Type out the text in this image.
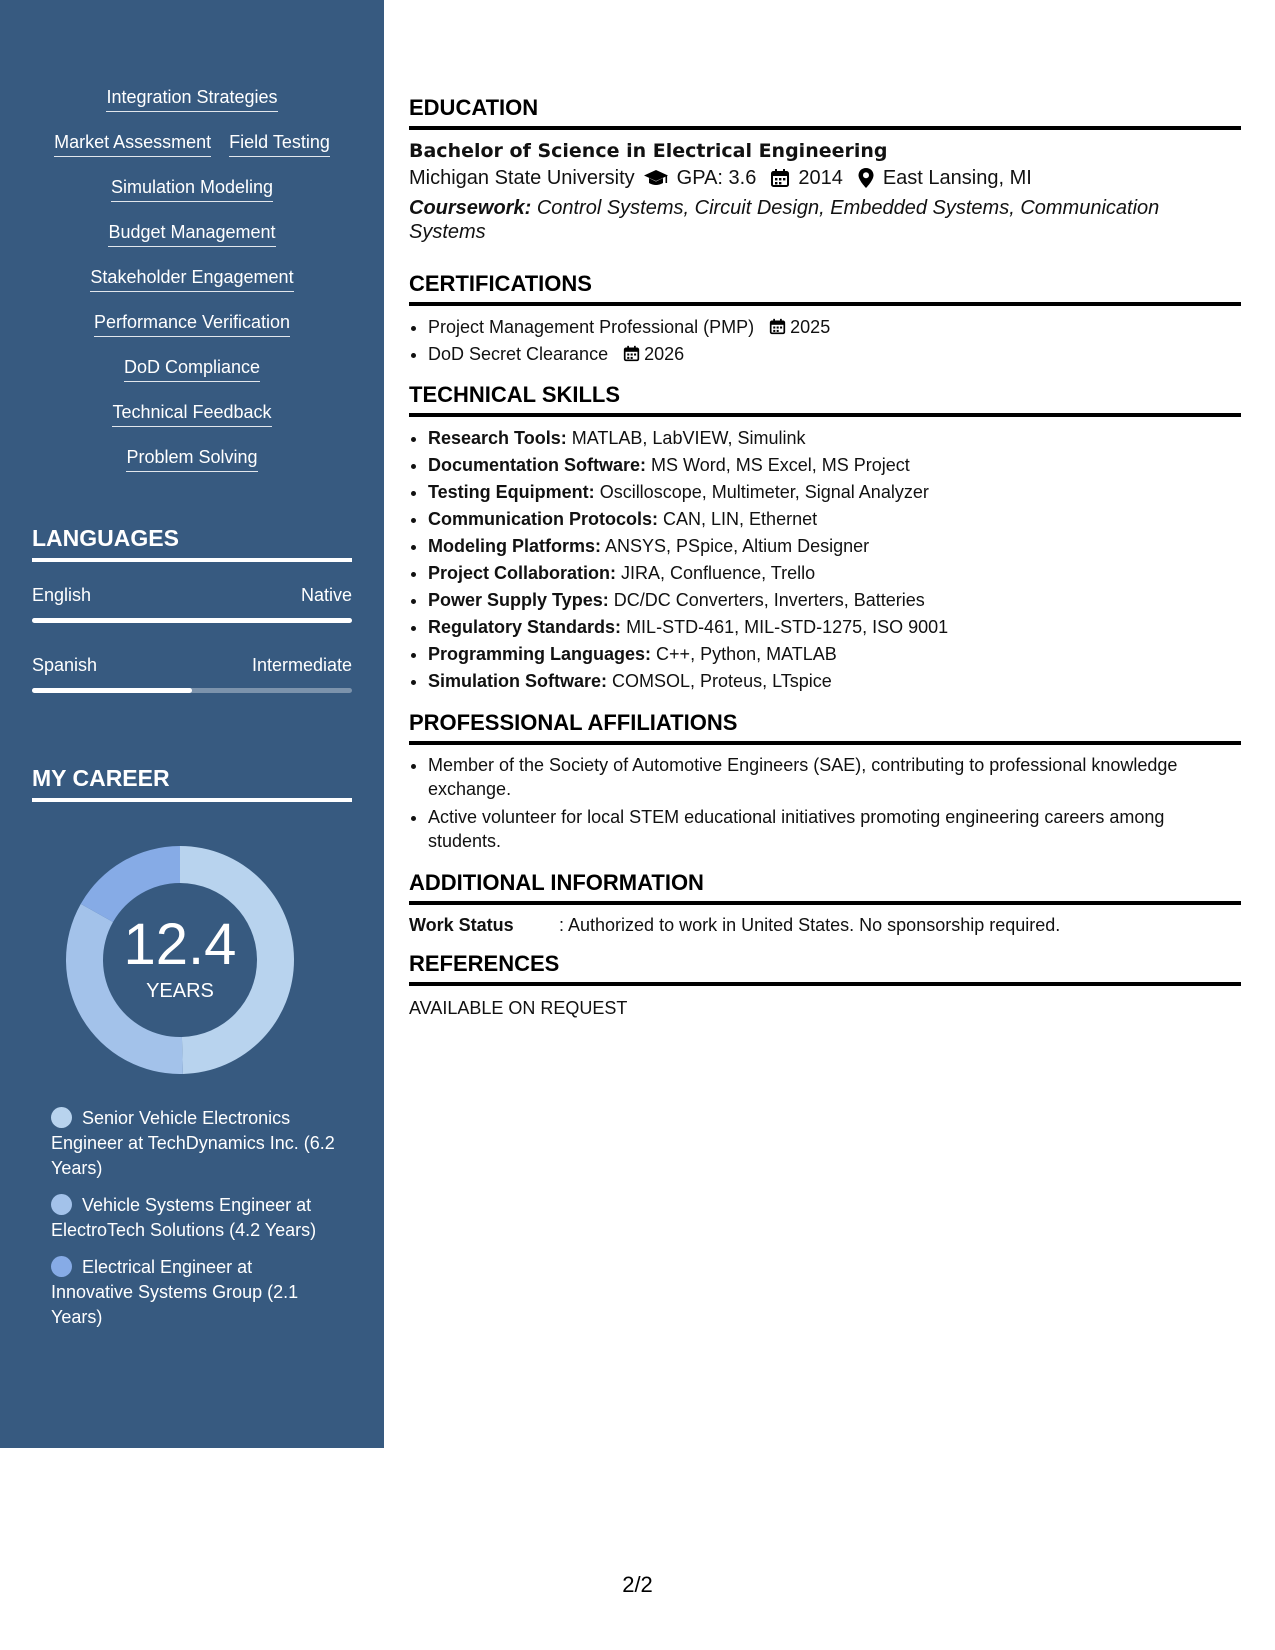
Integration Strategies
Market Assessment Field Testing
Simulation Modeling
Budget Management
Stakeholder Engagement
Performance Verification
DoD Compliance
Technical Feedback
Problem Solving
LANGUAGES
English	Native
Spanish	Intermediate
MY CAREER
12.4
YEARS
Senior Vehicle Electronics Engineer at TechDynamics Inc. (6.2 Years)
Vehicle Systems Engineer at ElectroTech Solutions (4.2 Years)
Electrical Engineer at Innovative Systems Group (2.1 Years)
EDUCATION
Bachelor of Science in Electrical Engineering
Michigan State University GPA: 3.6 2014 East Lansing, MI
Coursework: Control Systems, Circuit Design, Embedded Systems, Communication Systems
CERTIFICATIONS
• Project Management Professional (PMP) 2025
• DoD Secret Clearance 2026
TECHNICAL SKILLS
• Research Tools: MATLAB, LabVIEW, Simulink
• Documentation Software: MS Word, MS Excel, MS Project
• Testing Equipment: Oscilloscope, Multimeter, Signal Analyzer
• Communication Protocols: CAN, LIN, Ethernet
• Modeling Platforms: ANSYS, PSpice, Altium Designer
• Project Collaboration: JIRA, Confluence, Trello
• Power Supply Types: DC/DC Converters, Inverters, Batteries
• Regulatory Standards: MIL-STD-461, MIL-STD-1275, ISO 9001
• Programming Languages: C++, Python, MATLAB
• Simulation Software: COMSOL, Proteus, LTspice
PROFESSIONAL AFFILIATIONS
• Member of the Society of Automotive Engineers (SAE), contributing to professional knowledge exchange.
• Active volunteer for local STEM educational initiatives promoting engineering careers among students.
ADDITIONAL INFORMATION
Work Status	: Authorized to work in United States. No sponsorship required.
REFERENCES
AVAILABLE ON REQUEST
2/2
